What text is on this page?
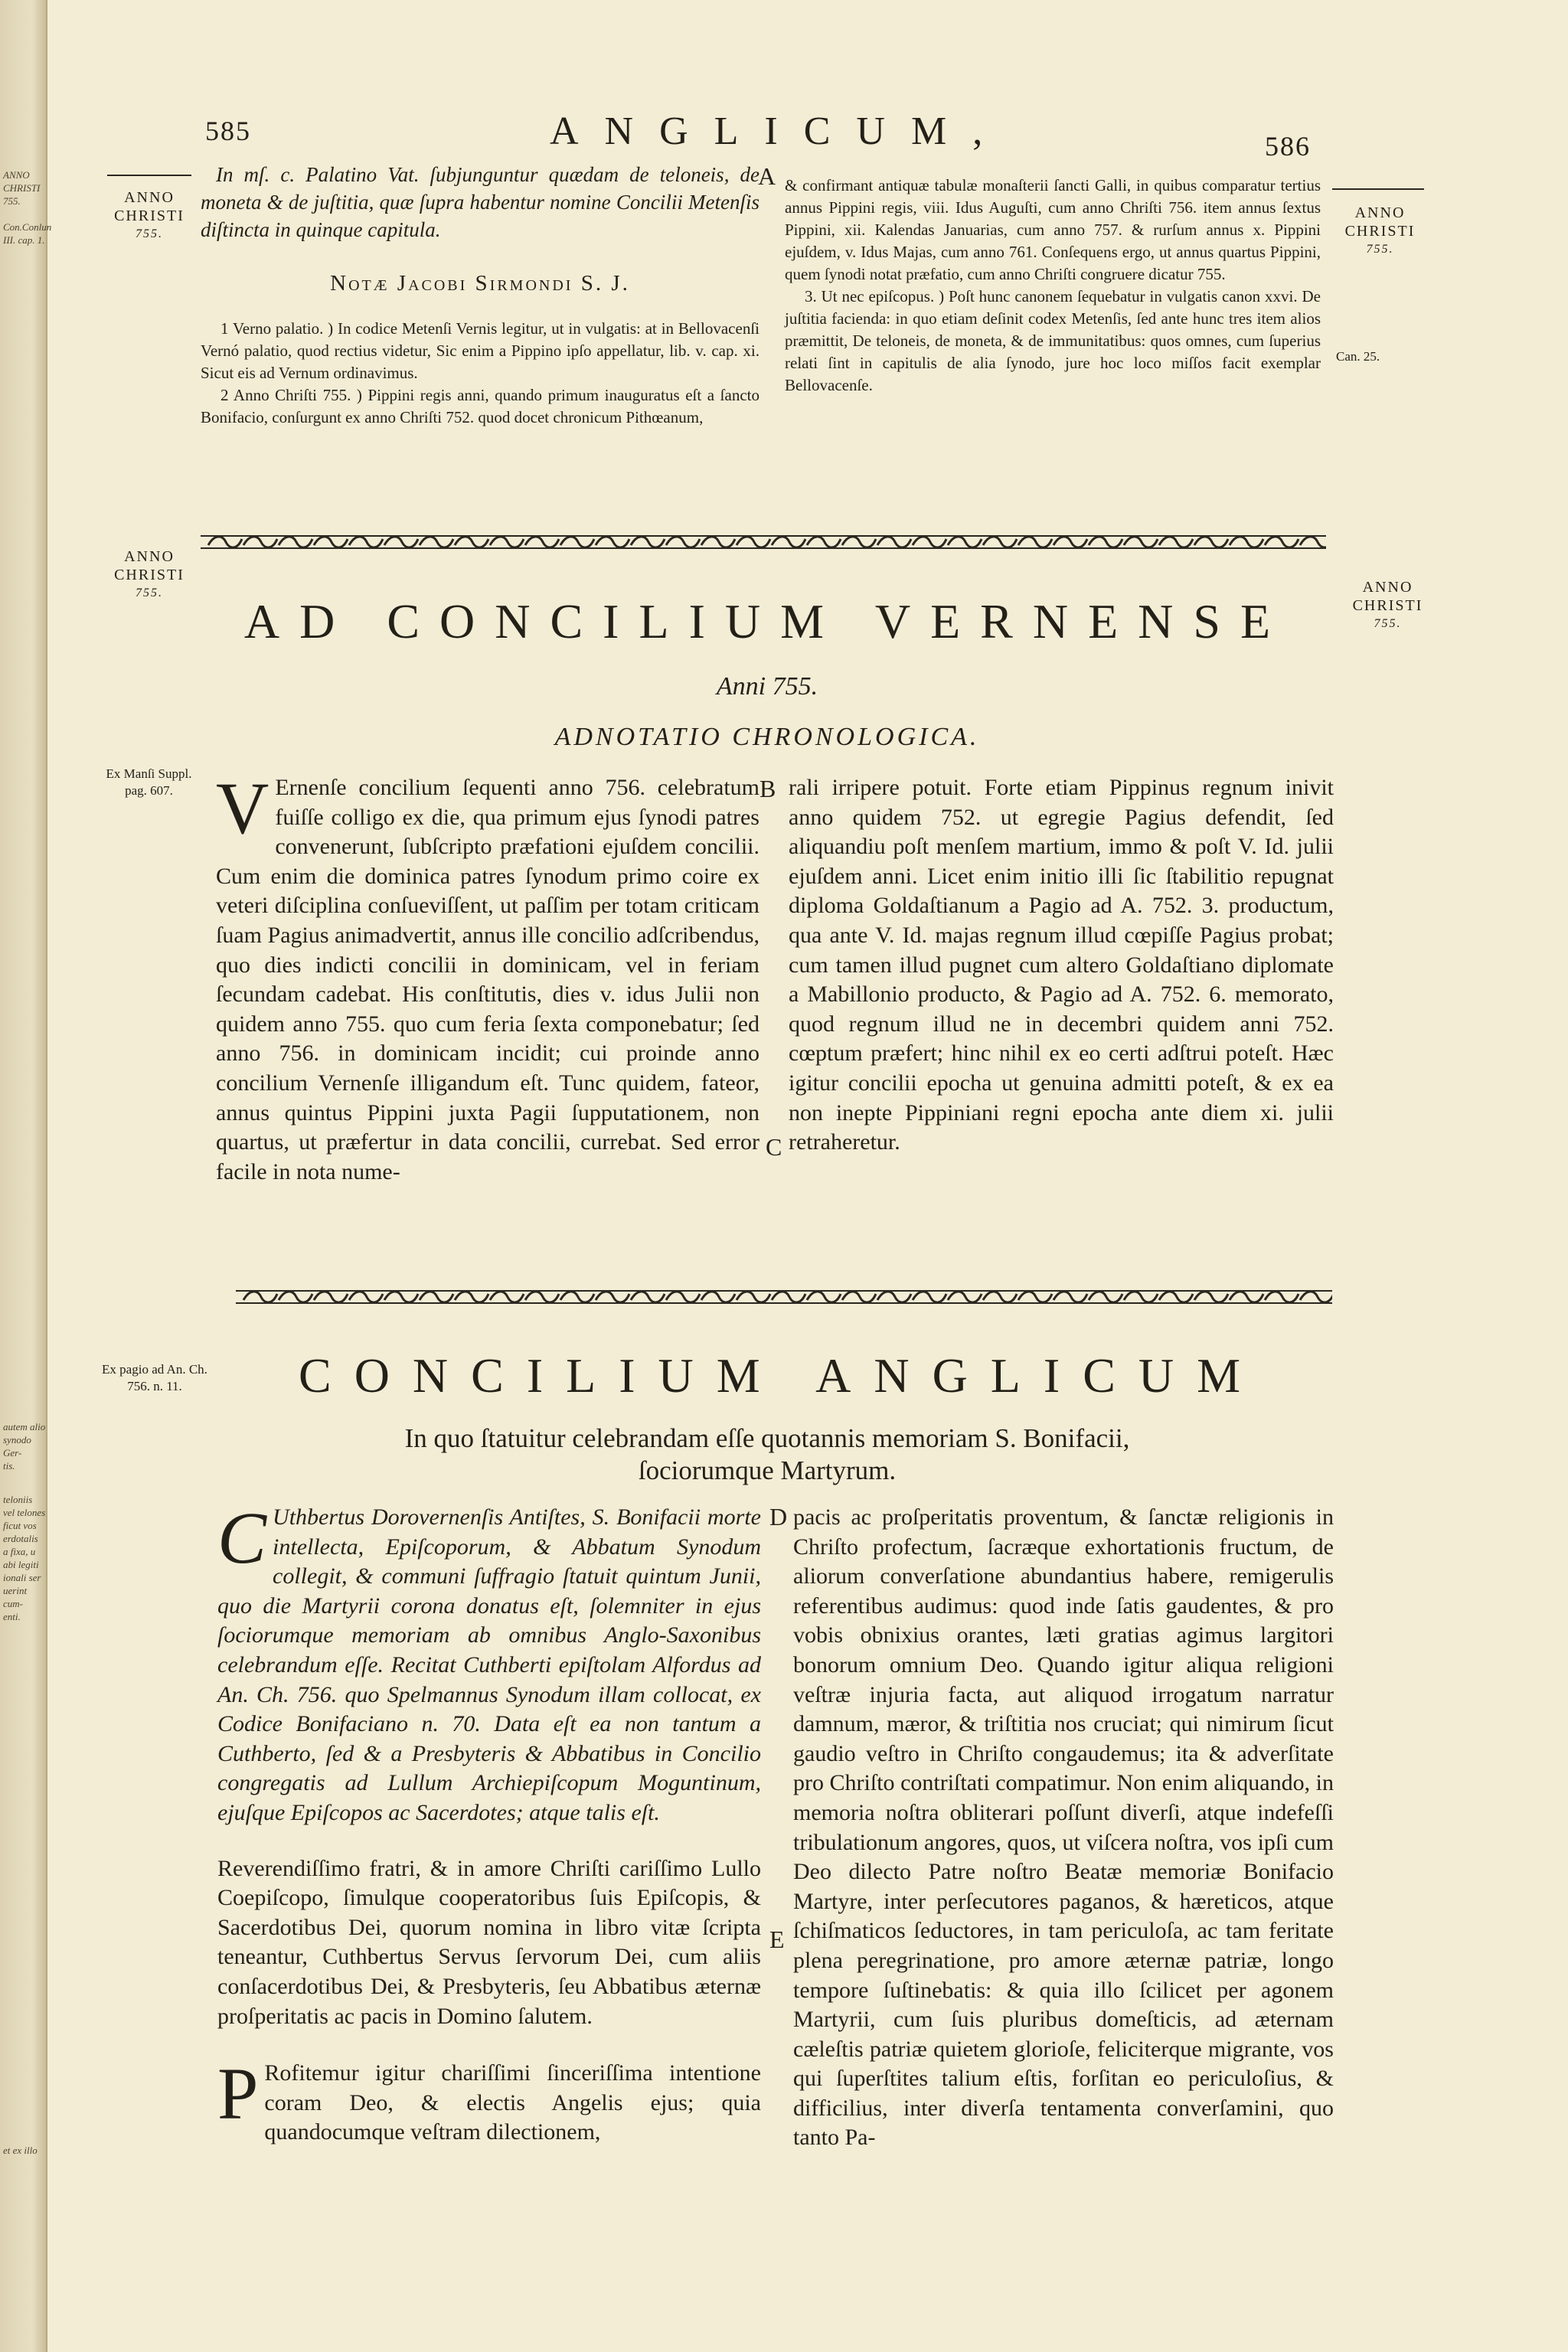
ANNO
CHRISTI
755.

Con.Conlun
III. cap. 1.
autem alio
synodo Ger-
tis.
teloniis
vel telones
ficut vos
erdotalis
a fixa, u
abi legiti
ionali ser
uerint cum-
enti.
et ex illo
585	ANGLICUM,	586
ANNO
CHRISTI
755.
ANNO
CHRISTI
755.

In mſ. c. Palatino Vat. ſubjunguntur quædam de teloneis, de moneta & de juſtitia, quæ ſupra habentur nomine Concilii Metenſis diſtincta in quinque capitula.

Notæ Jacobi Sirmondi S. J.

1 Verno palatio. ) In codice Metenſi Vernis legitur, ut in vulgatis: at in Bellovacenſi Vernó palatio, quod rectius videtur, Sic enim a Pippino ipſo appellatur, lib. v. cap. xi. Sicut eis ad Vernum ordinavimus.

2 Anno Chriſti 755. ) Pippini regis anni, quando primum inauguratus eſt a ſancto Bonifacio, conſurgunt ex anno Chriſti 752. quod docet chronicum Pithœanum,

A & confirmant antiquæ tabulæ monaſterii ſancti Galli, in quibus comparatur tertius annus Pippini regis, viii. Idus Auguſti, cum anno Chriſti 756. item annus ſextus Pippini, xii. Kalendas Januarias, cum anno 757. & rurſum annus x. Pippini ejuſdem, v. Idus Majas, cum anno 761. Conſequens ergo, ut annus quartus Pippini, quem ſynodi notat præfatio, cum anno Chriſti congruere dicatur 755.

3. Ut nec epiſcopus. ) Poſt hunc canonem ſequebatur in vulgatis canon xxvi. De juſtitia facienda: in quo etiam deſinit codex Metenſis, ſed ante hunc tres item alios præmittit, De teloneis, de moneta, & de immunitatibus: quos omnes, cum ſuperius relati ſint in capitulis de alia ſynodo, jure hoc loco miſſos facit exemplar Bellovacenſe.

Can. 25.
ANNO
CHRISTI
755.	ANNO
CHRISTI
755.
AD CONCILIUM VERNENSE
Anni 755.
ADNOTATIO CHRONOLOGICA.
Ex Manſi Suppl. pag. 607. V Ernenſe concilium ſequenti anno 756. celebratum fuiſſe colligo ex die, qua primum ejus ſynodi patres convenerunt, ſubſcripto præfationi ejuſdem concilii. Cum enim die dominica patres ſynodum primo coire ex veteri diſciplina conſueviſſent, ut paſſim per totam criticam ſuam Pagius animadvertit, annus ille concilio adſcribendus, quo dies indicti concilii in dominicam, vel in feriam ſecundam cadebat. His conſtitutis, dies v. idus Julii non quidem anno 755. quo cum feria ſexta componebatur; ſed anno 756. in dominicam incidit; cui proinde anno concilium Vernenſe illigandum eſt. Tunc quidem, fateor, annus quintus Pippini juxta Pagii ſupputationem, non quartus, ut præfertur in data concilii, currebat. Sed error facile in nota nume-
B
C
rali irripere potuit. Forte etiam Pippinus regnum inivit anno quidem 752. ut egregie Pagius defendit, ſed aliquandiu poſt menſem martium, immo & poſt V. Id. julii ejuſdem anni. Licet enim initio illi ſic ſtabilitio repugnat diploma Goldaſtianum a Pagio ad A. 752. 3. productum, qua ante V. Id. majas regnum illud cœpiſſe Pagius probat; cum tamen illud pugnet cum altero Goldaſtiano diplomate a Mabillonio producto, & Pagio ad A. 752. 6. memorato, quod regnum illud ne in decembri quidem anni 752. cœptum præfert; hinc nihil ex eo certi adſtrui poteſt. Hæc igitur concilii epocha ut genuina admitti poteſt, & ex ea non inepte Pippiniani regni epocha ante diem xi. julii retraheretur.
Ex pagio ad An. Ch. 756. n. 11.	CONCILIUM ANGLICUM
In quo ſtatuitur celebrandam eſſe quotannis memoriam S. Bonifacii,
ſociorumque Martyrum.

C Uthbertus Dorovernenſis Antiſtes, S. Bonifacii morte intellecta, Epiſcoporum, & Abbatum Synodum collegit, & communi ſuffragio ſtatuit quintum Junii, quo die Martyrii corona donatus eſt, ſolemniter in ejus ſociorumque memoriam ab omnibus Anglo-Saxonibus celebrandum eſſe. Recitat Cuthberti epiſtolam Alfordus ad An. Ch. 756. quo Spelmannus Synodum illam collocat, ex Codice Bonifaciano n. 70. Data eſt ea non tantum a Cuthberto, ſed & a Presbyteris & Abbatibus in Concilio congregatis ad Lullum Archiepiſcopum Moguntinum, ejuſque Epiſcopos ac Sacerdotes; atque talis eſt.

Reverendiſſimo fratri, & in amore Chriſti cariſſimo Lullo Coepiſcopo, ſimulque cooperatoribus ſuis Epiſcopis, & Sacerdotibus Dei, quorum nomina in libro vitæ ſcripta teneantur, Cuthbertus Servus ſervorum Dei, cum aliis conſacerdotibus Dei, & Presbyteris, ſeu Abbatibus æternæ proſperitatis ac pacis in Domino ſalutem.

P Rofitemur igitur chariſſimi ſinceriſſima intentione coram Deo, & electis Angelis ejus; quia quandocumque veſtram dilectionem,

D
E
pacis ac proſperitatis proventum, & ſanctæ religionis in Chriſto profectum, ſacræque exhortationis fructum, de aliorum converſatione abundantius habere, remigerulis referentibus audimus: quod inde ſatis gaudentes, & pro vobis obnixius orantes, læti gratias agimus largitori bonorum omnium Deo. Quando igitur aliqua religioni veſtræ injuria facta, aut aliquod irrogatum narratur damnum, mæror, & triſtitia nos cruciat; qui nimirum ſicut gaudio veſtro in Chriſto congaudemus; ita & adverſitate pro Chriſto contriſtati compatimur. Non enim aliquando, in memoria noſtra obliterari poſſunt diverſi, atque indefeſſi tribulationum angores, quos, ut viſcera noſtra, vos ipſi cum Deo dilecto Patre noſtro Beatæ memoriæ Bonifacio Martyre, inter perſecutores paganos, & hæreticos, atque ſchiſmaticos ſeductores, in tam periculoſa, ac tam feritate plena peregrinatione, pro amore æternæ patriæ, longo tempore ſuſtinebatis: & quia illo ſcilicet per agonem Martyrii, cum ſuis pluribus domeſticis, ad æternam cæleſtis patriæ quietem glorioſe, feliciterque migrante, vos qui ſuperſtites talium eſtis, forſitan eo periculoſius, & difficilius, inter diverſa tentamenta converſamini, quo tanto Pa-
